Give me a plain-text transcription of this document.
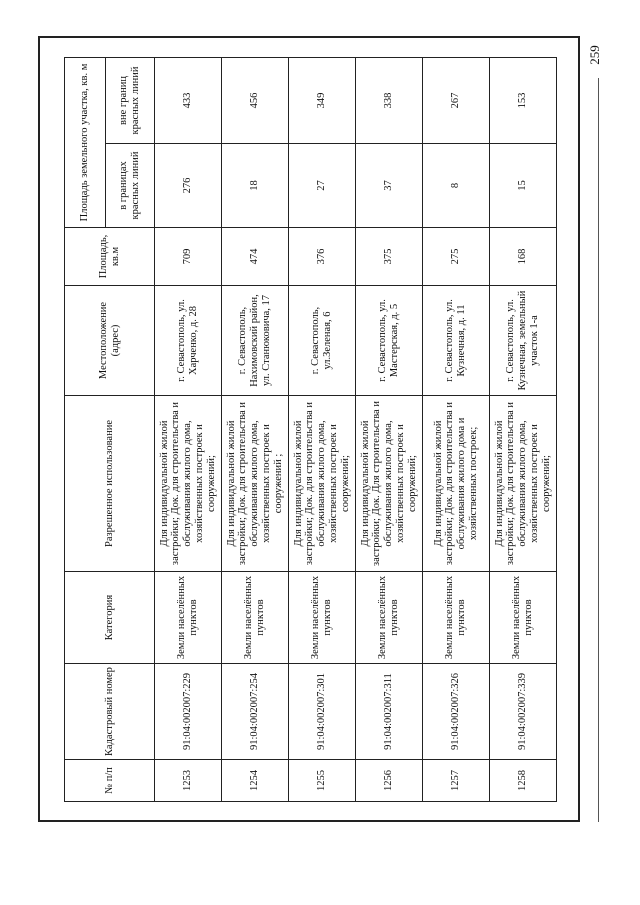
259
№ п/п	Кадастровый номер	Категория	Разрешенное использование	Местоположение (адрес)	Площадь, кв.м	Площадь земельного участка, кв. м	
						в границах красных линий	вне границ красных линий
1253	91:04:002007:229	Земли населённых пунктов	Для индивидуальной жилой застройки; Док. для строительства и обслуживания жилого дома, хозяйственных построек и сооружений;	г. Севастополь, ул. Харченко, д. 28	709	276	433
1254	91:04:002007:254	Земли населённых пунктов	Для индивидуальной жилой застройки; Док. для строительства и обслуживания жилого дома, хозяйственных построек и сооружений ;	г. Севастополь, Нахимовский район, ул. Станюковича, 17	474	18	456
1255	91:04:002007:301	Земли населённых пунктов	Для индивидуальной жилой застройки; Док. для строительства и обслуживания жилого дома, хозяйственных построек и сооружений;	г. Севастополь, ул.Зеленая, 6	376	27	349
1256	91:04:002007:311	Земли населённых пунктов	Для индивидуальной жилой застройки; Док. Для строительства и обслуживания жилого дома, хозяйственных построек и сооружений;	г. Севастополь, ул. Мастерская, д. 5	375	37	338
1257	91:04:002007:326	Земли населённых пунктов	Для индивидуальной жилой застройки; Док. для строительства и обслуживания жилого дома и хозяйственных построек;	г. Севастополь, ул. Кузнечная, д. 11	275	8	267
1258	91:04:002007:339	Земли населённых пунктов	Для индивидуальной жилой застройки; Док. для строительства и обслуживания жилого дома, хозяйственных построек и сооружений;	г. Севастополь, ул. Кузнечная, земельный участок 1-а	168	15	153
